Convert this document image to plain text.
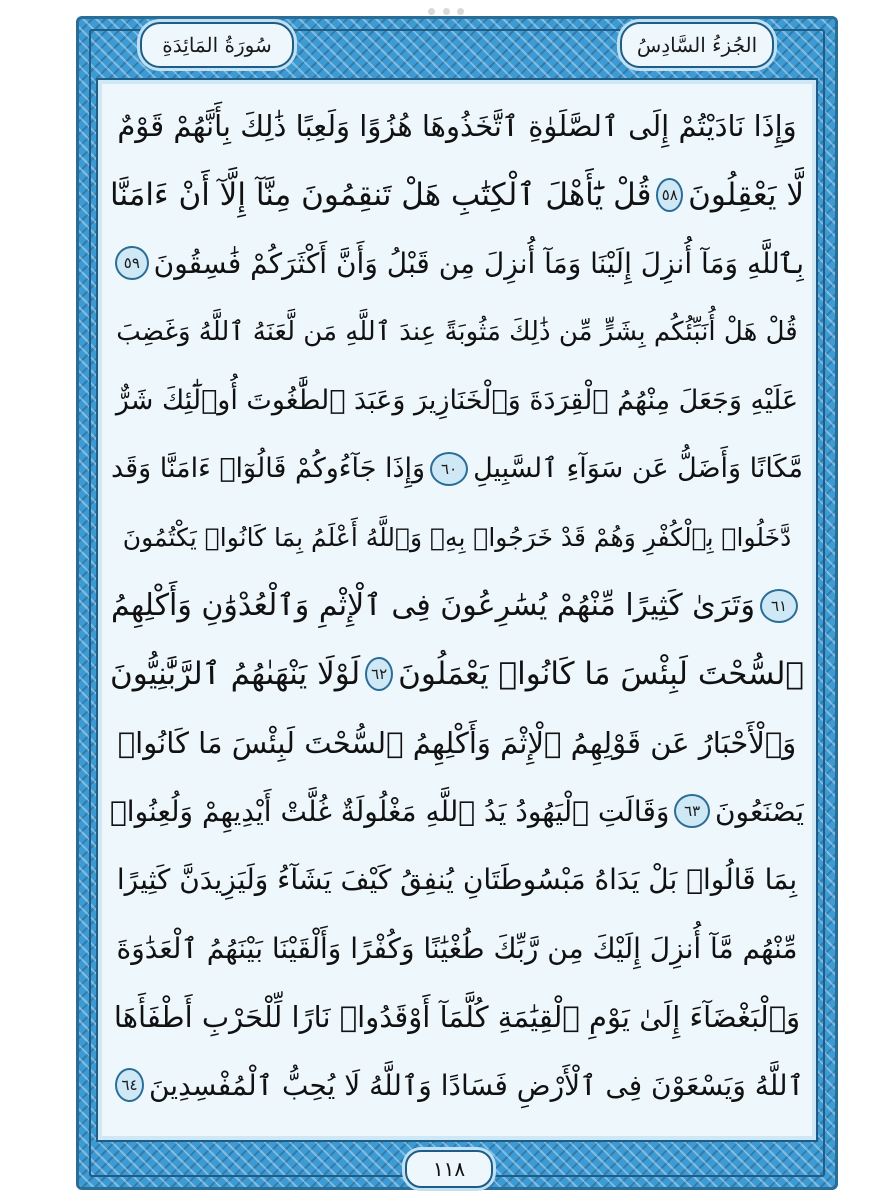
سُورَةُ المَائِدَةِ	الجُزءُ السَّادِسُ
وَإِذَا نَادَيْتُمْ إِلَى ٱلصَّلَوٰةِ ٱتَّخَذُوهَا هُزُوًا وَلَعِبًا ذَٰلِكَ بِأَنَّهُمْ قَوْمٌ
لَّا يَعْقِلُونَ
٥٨
قُلْ يَٰٓأَهْلَ ٱلْكِتَٰبِ هَلْ تَنقِمُونَ مِنَّآ إِلَّآ أَنْ ءَامَنَّا
بِٱللَّهِ وَمَآ أُنزِلَ إِلَيْنَا وَمَآ أُنزِلَ مِن قَبْلُ وَأَنَّ أَكْثَرَكُمْ فَٰسِقُونَ
٥٩
قُلْ هَلْ أُنَبِّئُكُم بِشَرٍّ مِّن ذَٰلِكَ مَثُوبَةً عِندَ ٱللَّهِ مَن لَّعَنَهُ ٱللَّهُ وَغَضِبَ
عَلَيْهِ وَجَعَلَ مِنْهُمُ ٱلْقِرَدَةَ وَٱلْخَنَازِيرَ وَعَبَدَ ٱلطَّٰغُوتَ أُو۟لَٰٓئِكَ شَرٌّ
مَّكَانًا وَأَضَلُّ عَن سَوَآءِ ٱلسَّبِيلِ
٦٠
وَإِذَا جَآءُوكُمْ قَالُوٓا۟ ءَامَنَّا وَقَد
دَّخَلُوا۟ بِٱلْكُفْرِ وَهُمْ قَدْ خَرَجُوا۟ بِهِۦ وَٱللَّهُ أَعْلَمُ بِمَا كَانُوا۟ يَكْتُمُونَ
٦١
وَتَرَىٰ كَثِيرًا مِّنْهُمْ يُسَٰرِعُونَ فِى ٱلْإِثْمِ وَٱلْعُدْوَٰنِ وَأَكْلِهِمُ
ٱلسُّحْتَ لَبِئْسَ مَا كَانُوا۟ يَعْمَلُونَ
٦٢
لَوْلَا يَنْهَىٰهُمُ ٱلرَّبَّٰنِيُّونَ
وَٱلْأَحْبَارُ عَن قَوْلِهِمُ ٱلْإِثْمَ وَأَكْلِهِمُ ٱلسُّحْتَ لَبِئْسَ مَا كَانُوا۟
يَصْنَعُونَ
٦٣
وَقَالَتِ ٱلْيَهُودُ يَدُ ٱللَّهِ مَغْلُولَةٌ غُلَّتْ أَيْدِيهِمْ وَلُعِنُوا۟
بِمَا قَالُوا۟ بَلْ يَدَاهُ مَبْسُوطَتَانِ يُنفِقُ كَيْفَ يَشَآءُ وَلَيَزِيدَنَّ كَثِيرًا
مِّنْهُم مَّآ أُنزِلَ إِلَيْكَ مِن رَّبِّكَ طُغْيَٰنًا وَكُفْرًا وَأَلْقَيْنَا بَيْنَهُمُ ٱلْعَدَٰوَةَ
وَٱلْبَغْضَآءَ إِلَىٰ يَوْمِ ٱلْقِيَٰمَةِ كُلَّمَآ أَوْقَدُوا۟ نَارًا لِّلْحَرْبِ أَطْفَأَهَا
ٱللَّهُ وَيَسْعَوْنَ فِى ٱلْأَرْضِ فَسَادًا وَٱللَّهُ لَا يُحِبُّ ٱلْمُفْسِدِينَ
٦٤
١١٨
